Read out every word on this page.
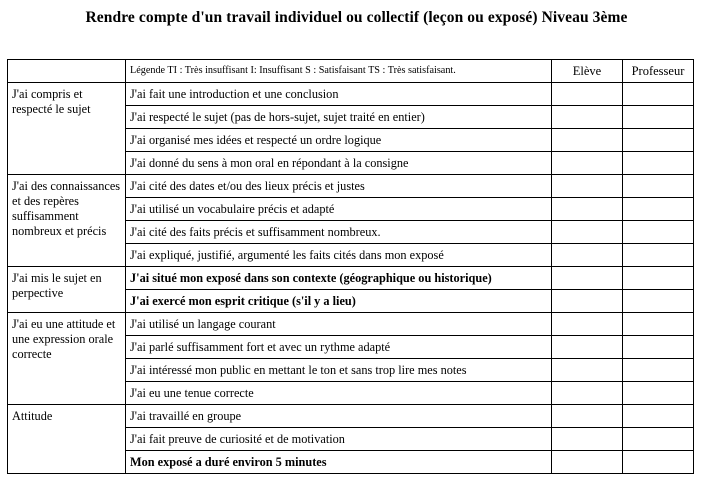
Rendre compte d'un travail individuel ou collectif (leçon ou exposé) Niveau 3ème
	Légende TI : Très insuffisant I: Insuffisant S : Satisfaisant TS : Très satisfaisant.	Elève	Professeur
J'ai compris et respecté le sujet	J'ai fait une introduction et une conclusion		
	J'ai respecté le sujet (pas de hors-sujet, sujet traité en entier)		
	J'ai organisé mes idées et respecté un ordre logique		
	J'ai donné du sens à mon oral en répondant à la consigne		
J'ai des connaissances et des repères suffisamment nombreux et précis	J'ai cité des dates et/ou des lieux précis et justes		
	J'ai utilisé un vocabulaire précis et adapté		
	J'ai cité des faits précis et suffisamment nombreux.		
	J'ai expliqué, justifié, argumenté les faits cités dans mon exposé		
J'ai mis le sujet en perpective	J'ai situé mon exposé dans son contexte (géographique ou historique)		
	J'ai exercé mon esprit critique (s'il y a lieu)		
J'ai eu une attitude et une expression orale correcte	J'ai utilisé un langage courant		
	J'ai parlé suffisamment fort et avec un rythme adapté		
	J'ai intéressé mon public en mettant le ton et sans trop lire mes notes		
	J'ai eu une tenue correcte		
Attitude	J'ai travaillé en groupe		
	J'ai fait preuve de curiosité et de motivation		
	Mon exposé a duré environ 5 minutes		
